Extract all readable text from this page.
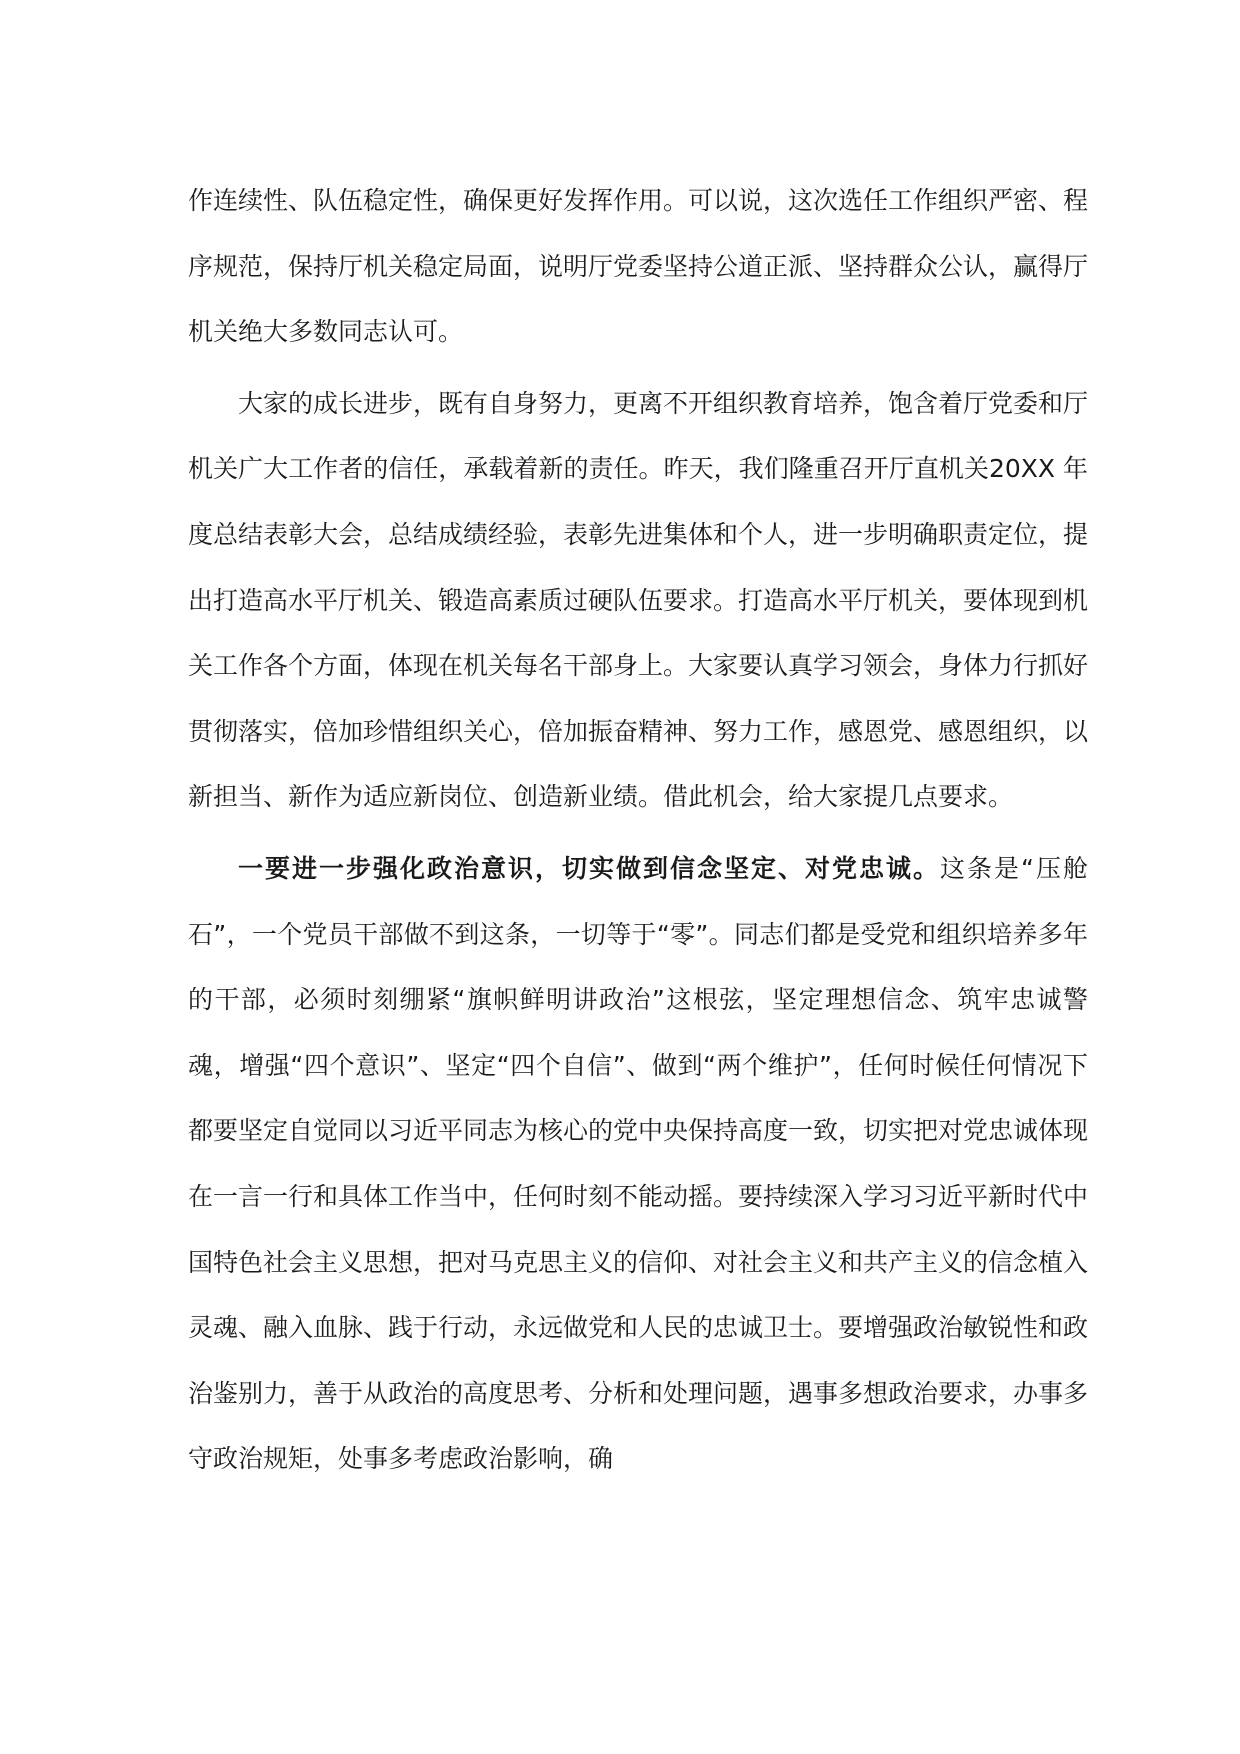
作连续性、队伍稳定性，确保更好发挥作用。可以说，这次选任工作组织严密、程序规范，保持厅机关稳定局面，说明厅党委坚持公道正派、坚持群众公认，赢得厅机关绝大多数同志认可。

大家的成长进步，既有自身努力，更离不开组织教育培养，饱含着厅党委和厅机关广大工作者的信任，承载着新的责任。昨天，我们隆重召开厅直机关20XX 年度总结表彰大会，总结成绩经验，表彰先进集体和个人，进一步明确职责定位，提出打造高水平厅机关、锻造高素质过硬队伍要求。打造高水平厅机关，要体现到机关工作各个方面，体现在机关每名干部身上。大家要认真学习领会，身体力行抓好贯彻落实，倍加珍惜组织关心，倍加振奋精神、努力工作，感恩党、感恩组织，以新担当、新作为适应新岗位、创造新业绩。借此机会，给大家提几点要求。

一要进一步强化政治意识，切实做到信念坚定、对党忠诚。这条是“压舱石”，一个党员干部做不到这条，一切等于“零”。同志们都是受党和组织培养多年的干部，必须时刻绷紧“旗帜鲜明讲政治”这根弦，坚定理想信念、筑牢忠诚警魂，增强“四个意识”、坚定“四个自信”、做到“两个维护”，任何时候任何情况下都要坚定自觉同以习近平同志为核心的党中央保持高度一致，切实把对党忠诚体现在一言一行和具体工作当中，任何时刻不能动摇。要持续深入学习习近平新时代中国特色社会主义思想，把对马克思主义的信仰、对社会主义和共产主义的信念植入灵魂、融入血脉、践于行动，永远做党和人民的忠诚卫士。要增强政治敏锐性和政治鉴别力，善于从政治的高度思考、分析和处理问题，遇事多想政治要求，办事多守政治规矩，处事多考虑政治影响，确
